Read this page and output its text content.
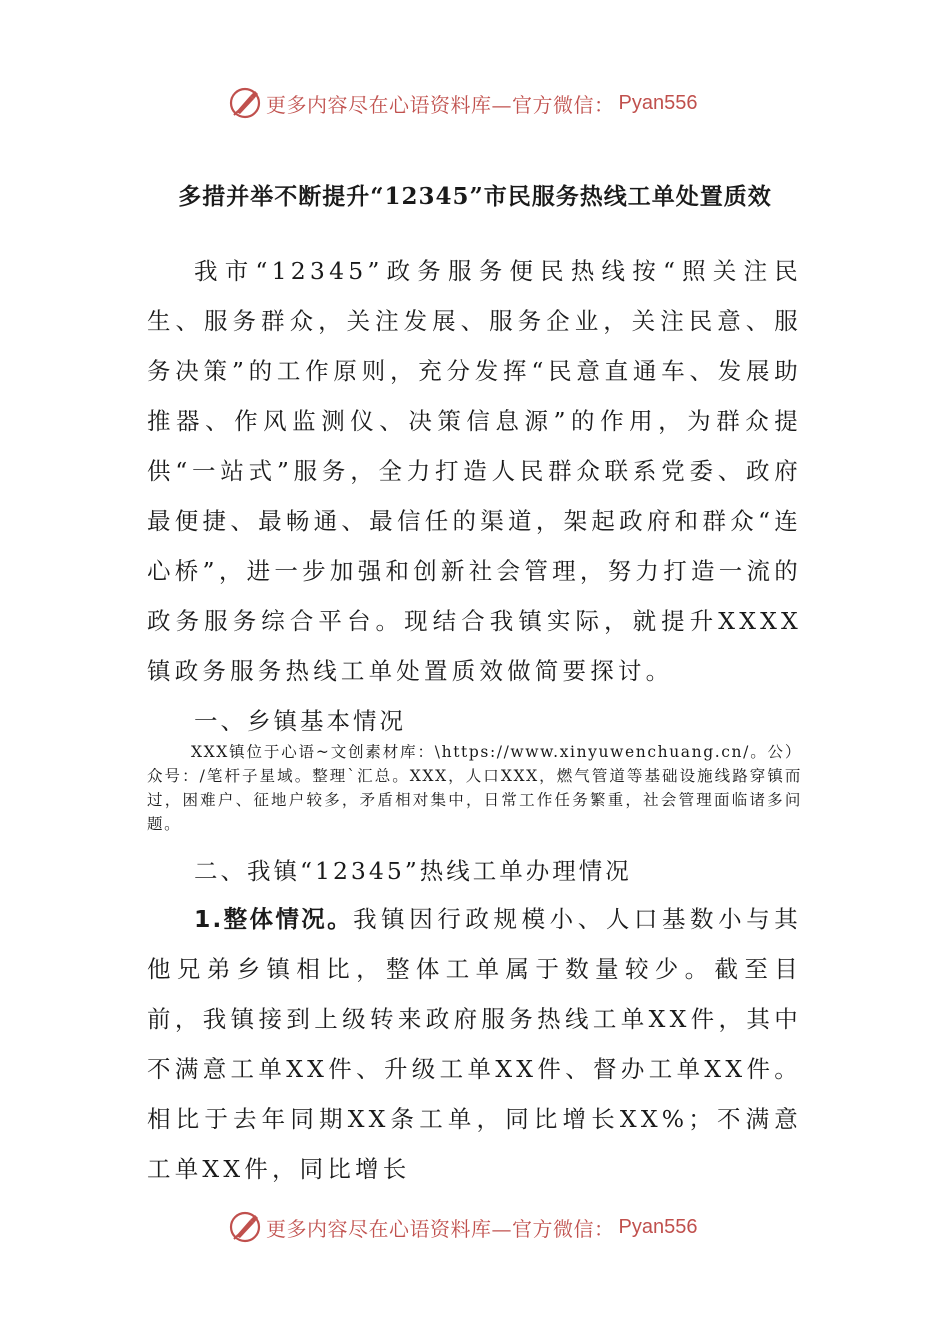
更多内容尽在心语资料库—官方微信： Pyan556
多措并举不断提升“12345”市民服务热线工单处置质效

我市“12345”政务服务便民热线按“照关注民生、服务群众，关注发展、服务企业，关注民意、服务决策”的工作原则，充分发挥“民意直通车、发展助推器、作风监测仪、决策信息源”的作用，为群众提供“一站式”服务，全力打造人民群众联系党委、政府最便捷、最畅通、最信任的渠道，架起政府和群众“连心桥”，进一步加强和创新社会管理，努力打造一流的政务服务综合平台。现结合我镇实际，就提升XXXX镇政务服务热线工单处置质效做简要探讨。

一、乡镇基本情况

XXX镇位于心语~文创素材库：\https://www.xinyuwenchuang.cn/。公）众号：/笔杆子星域。整理`汇总。XXX，人口XXX，燃气管道等基础设施线路穿镇而过，困难户、征地户较多，矛盾相对集中，日常工作任务繁重，社会管理面临诸多问题。

二、我镇“12345”热线工单办理情况

1.整体情况。我镇因行政规模小、人口基数小与其他兄弟乡镇相比，整体工单属于数量较少。截至目前，我镇接到上级转来政府服务热线工单XX件，其中不满意工单XX件、升级工单XX件、督办工单XX件。相比于去年同期XX条工单，同比增长XX%；不满意工单XX件，同比增长

更多内容尽在心语资料库—官方微信： Pyan556
